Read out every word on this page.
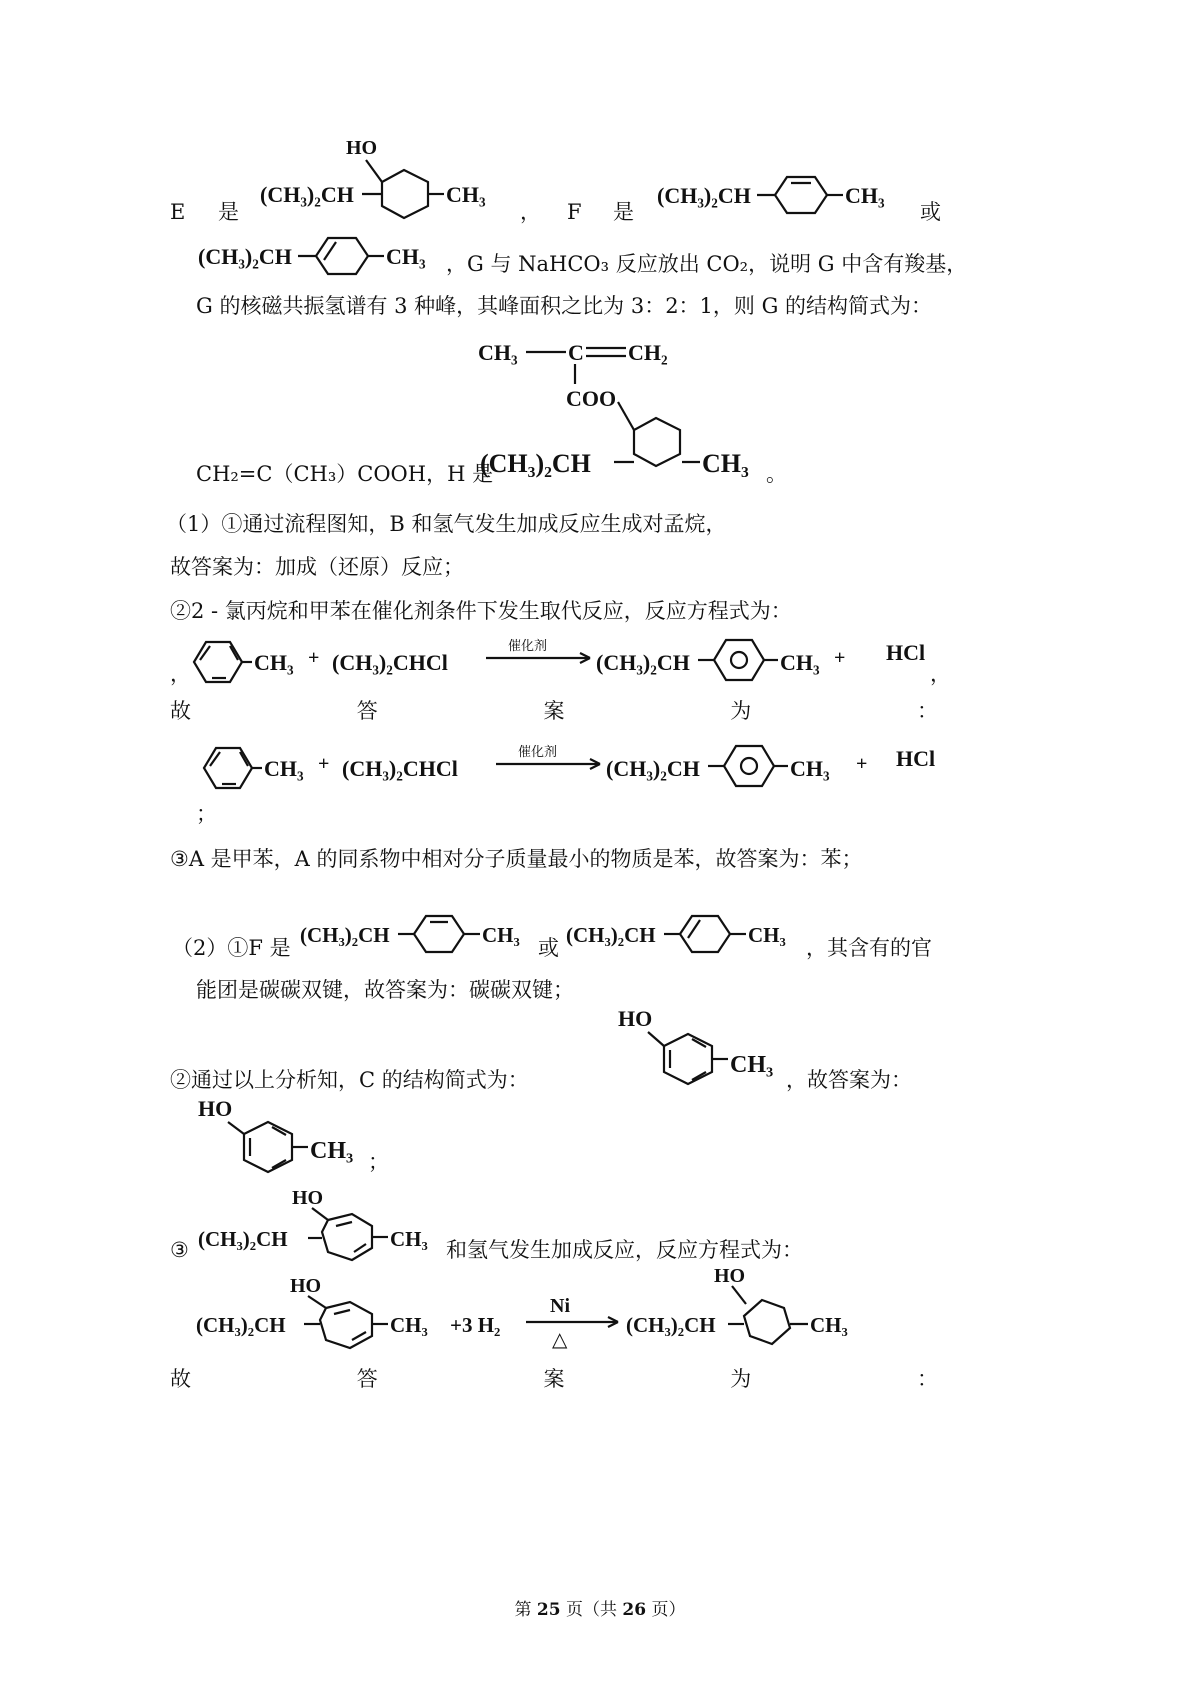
E 是
HO
(CH₃)₂CH	CH₃
， F 是
(CH₃)₂CH	CH₃
或
(CH₃)₂CH	CH₃ ，G 与 NaHCO₃ 反应放出 CO₂，说明 G 中含有羧基，
G 的核磁共振氢谱有 3 种峰，其峰面积之比为 3：2：1，则 G 的结构简式为：
CH₃ C CH₂
COO
CH₂=C（CH₃）COOH，H 是
(CH₃)₂CH	CH₃ 。
（1）①通过流程图知，B 和氢气发生加成反应生成对孟烷，
故答案为：加成（还原）反应；
②2 - 氯丙烷和甲苯在催化剂条件下发生取代反应，反应方程式为：
，	CH₃ + (CH₃)₂CHCl
催化剂
(CH₃)₂CH	CH₃ + HCl
，
故	答	案	为	：
CH₃ + (CH₃)₂CHCl
催化剂
(CH₃)₂CH	CH₃ + HCl
；
③A 是甲苯，A 的同系物中相对分子质量最小的物质是苯，故答案为：苯；
（2）①F 是
(CH₃)₂CH	CH₃
或
(CH₃)₂CH	CH₃
，其含有的官
能团是碳碳双键，故答案为：碳碳双键；
②通过以上分析知，C 的结构简式为：
HO
CH₃
，故答案为：
HO
CH₃ ；
③
HO
(CH₃)₂CH	CH₃ 和氢气发生加成反应，反应方程式为：
HO
(CH₃)₂CH	CH₃ +3 H₂
Ni
△
HO
(CH₃)₂CH	CH₃
故	答	案	为	：
第 25 页（共 26 页）
